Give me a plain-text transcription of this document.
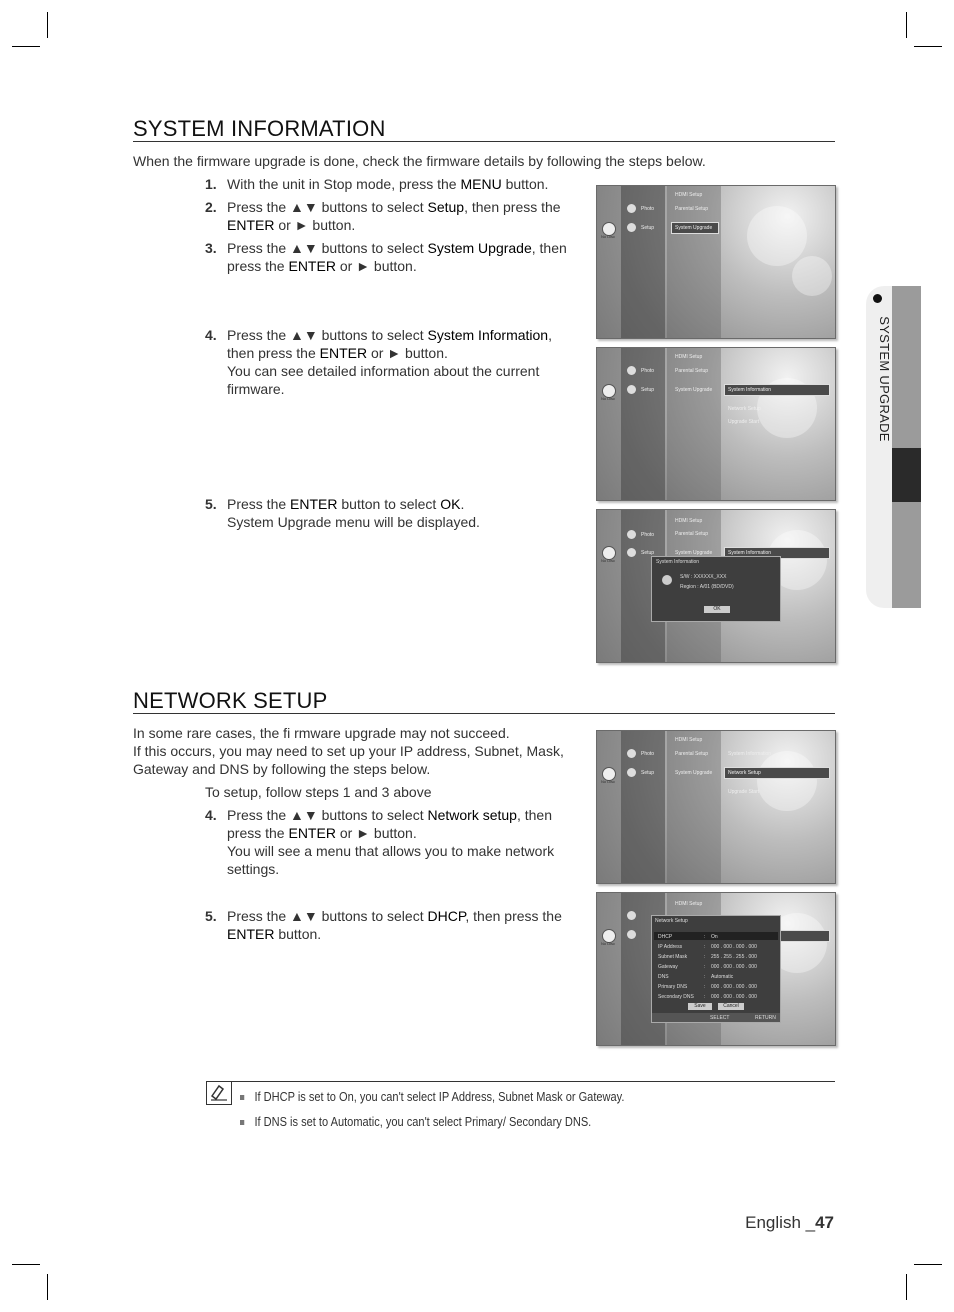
SYSTEM INFORMATION

When the firmware upgrade is done, check the firmware details by following the steps below.

1. With the unit in Stop mode, press the MENU button.
2. Press the ▲▼ buttons to select Setup, then press the
ENTER or ► button.
3. Press the ▲▼ buttons to select System Upgrade, then
press the ENTER or ► button.
4. Press the ▲▼ buttons to select System Information,
then press the ENTER or ► button.
You can see detailed information about the current
firmware.
5. Press the ENTER button to select OK.
System Upgrade menu will be displayed.
No Disc
Photo
Setup
HDMI Setup
Parental Setup
System Upgrade
No Disc
Photo
Setup
HDMI Setup
Parental Setup
System Upgrade	System Information
Network Setup
Upgrade Start
No Disc
Photo
Setup
HDMI Setup
Parental Setup
System Upgrade	System Information
System Information
S/W : XXXXXX_XXX
Region : A/01 (BD/DVD)
OK
NETWORK SETUP

In some rare cases, the fi rmware upgrade may not succeed.

If this occurs, you may need to set up your IP address, Subnet, Mask,

Gateway and DNS by following the steps below.

To setup, follow steps 1 and 3 above

4. Press the ▲▼ buttons to select Network setup, then
press the ENTER or ► button.
You will see a menu that allows you to make network
settings.
5. Press the ▲▼ buttons to select DHCP, then press the
ENTER button.
No Disc
Photo
Setup
HDMI Setup
Parental Setup
System Upgrade
System Information
Network Setup
Upgrade Start
No Disc
HDMI Setup
Network Setup
DHCP	: On
IP Address	: 000 . 000 . 000 . 000
Subnet Mask	: 255 . 255 . 255 . 000
Gateway	: 000 . 000 . 000 . 000
DNS	: Automatic
Primary DNS	: 000 . 000 . 000 . 000
Secondary DNS : 000 . 000 . 000 . 000
Save	Cancel
SELECT	RETURN
SYSTEM UPGRADE
If DHCP is set to On, you can't select IP Address, Subnet Mask or Gateway.
If DNS is set to Automatic, you can't select Primary/ Secondary DNS.
English _47
